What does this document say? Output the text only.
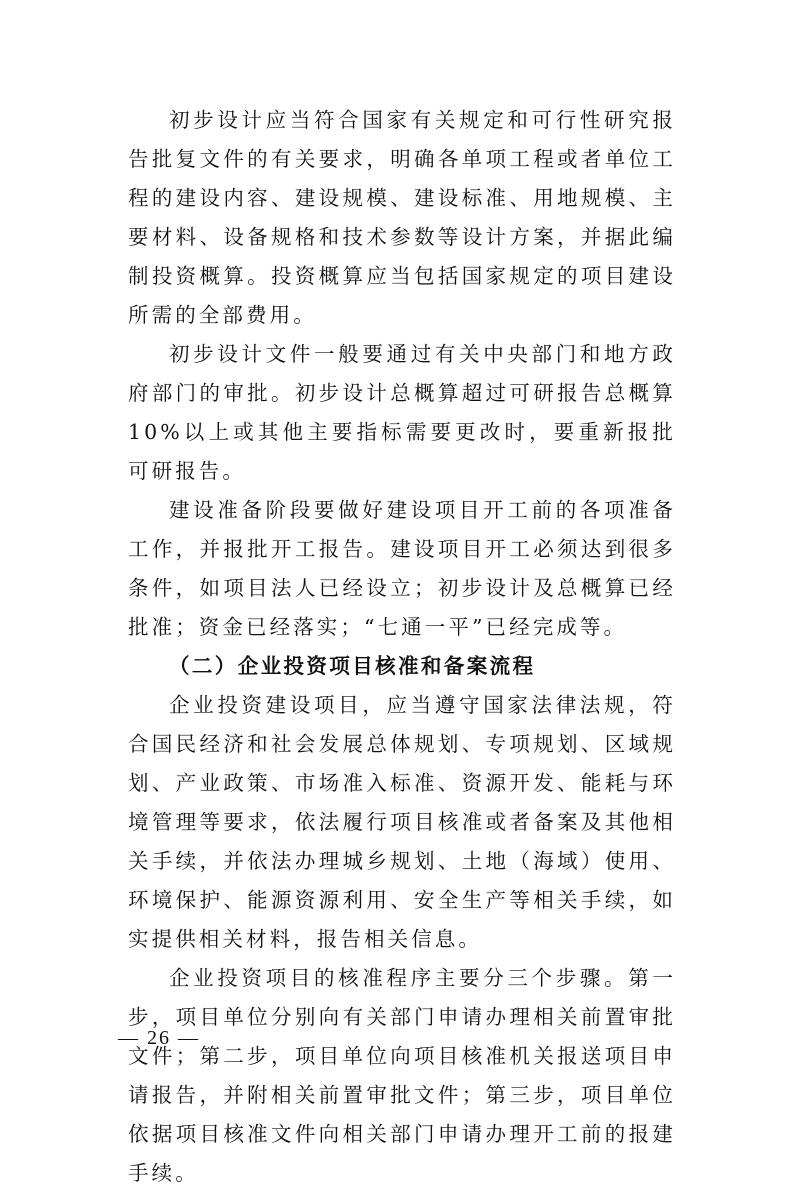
初步设计应当符合国家有关规定和可行性研究报告批复文件的有关要求，明确各单项工程或者单位工程的建设内容、建设规模、建设标准、用地规模、主要材料、设备规格和技术参数等设计方案，并据此编制投资概算。投资概算应当包括国家规定的项目建设所需的全部费用。

初步设计文件一般要通过有关中央部门和地方政府部门的审批。初步设计总概算超过可研报告总概算10%以上或其他主要指标需要更改时，要重新报批可研报告。

建设准备阶段要做好建设项目开工前的各项准备工作，并报批开工报告。建设项目开工必须达到很多条件，如项目法人已经设立；初步设计及总概算已经批准；资金已经落实；“七通一平”已经完成等。

（二）企业投资项目核准和备案流程

企业投资建设项目，应当遵守国家法律法规，符合国民经济和社会发展总体规划、专项规划、区域规划、产业政策、市场准入标准、资源开发、能耗与环境管理等要求，依法履行项目核准或者备案及其他相关手续，并依法办理城乡规划、土地（海域）使用、环境保护、能源资源利用、安全生产等相关手续，如实提供相关材料，报告相关信息。

企业投资项目的核准程序主要分三个步骤。第一步，项目单位分别向有关部门申请办理相关前置审批文件；第二步，项目单位向项目核准机关报送项目申请报告，并附相关前置审批文件；第三步，项目单位依据项目核准文件向相关部门申请办理开工前的报建手续。

— 26 —
